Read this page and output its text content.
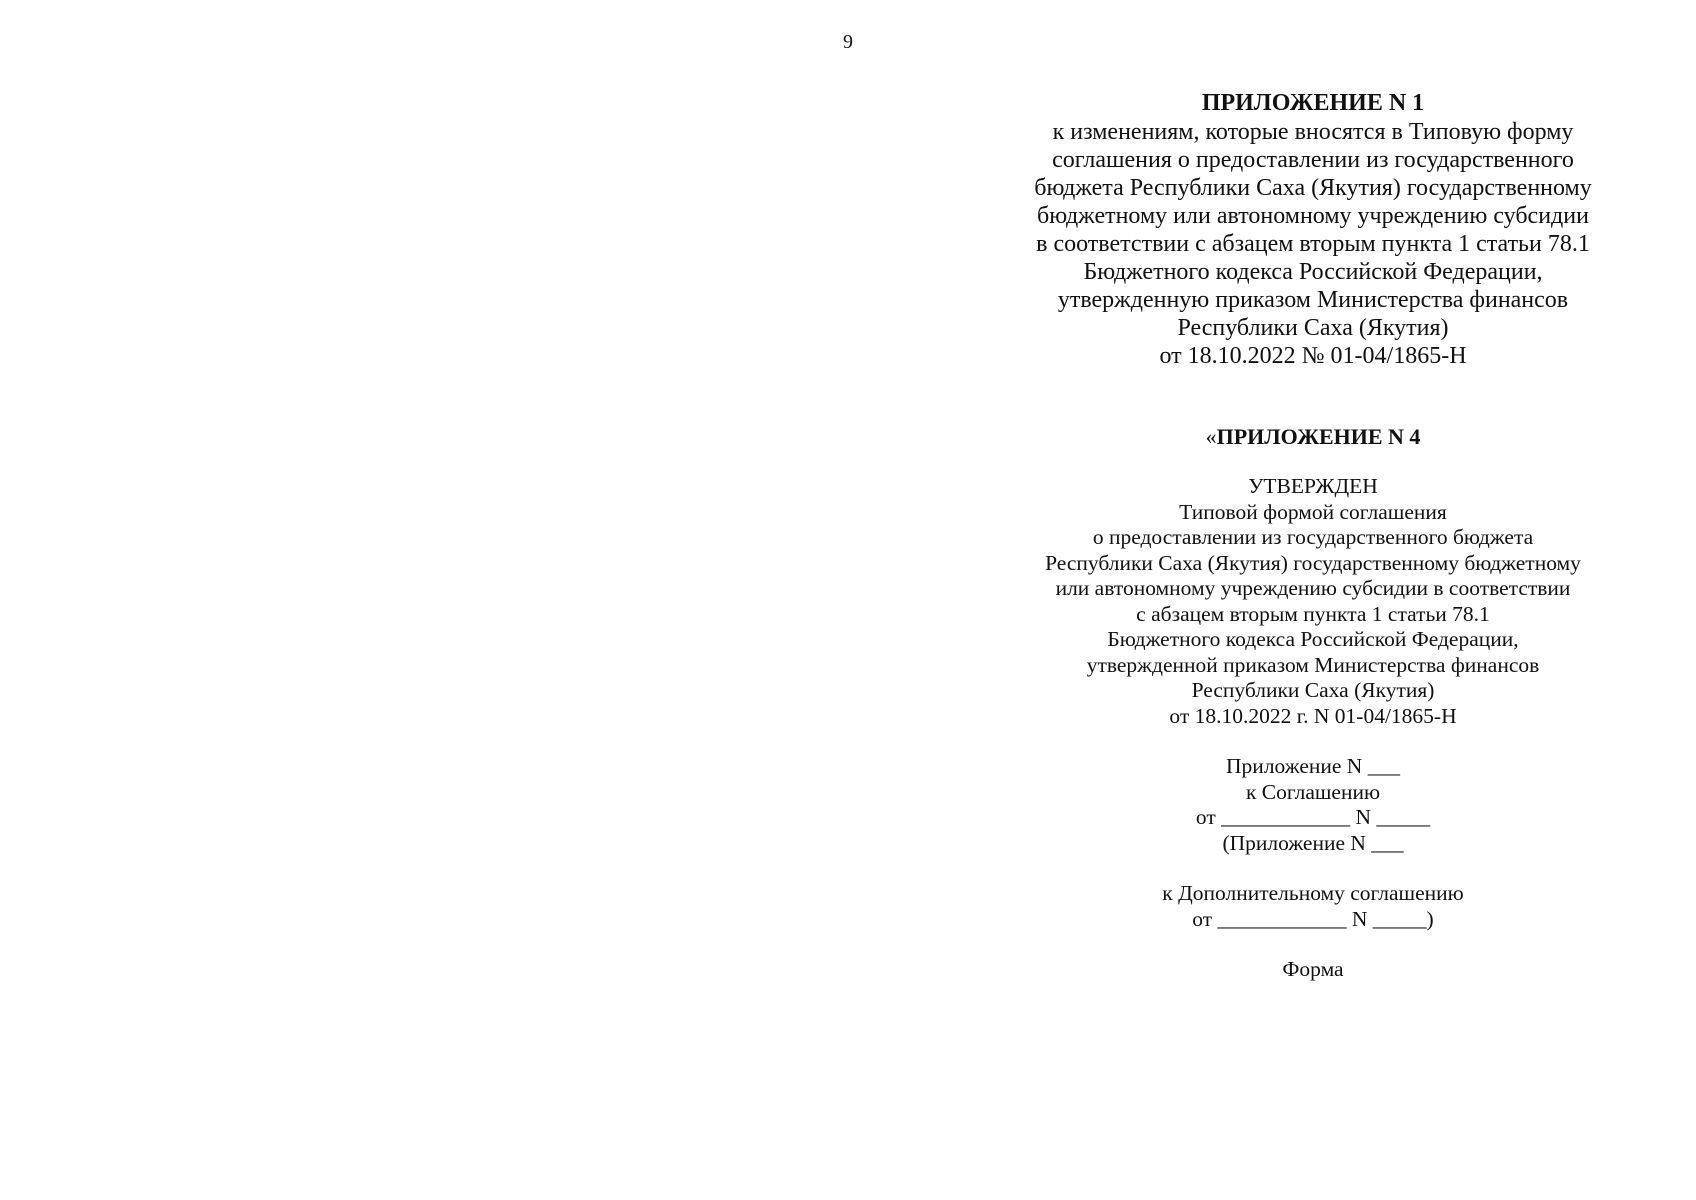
9
ПРИЛОЖЕНИЕ N 1
к изменениям, которые вносятся в Типовую форму
соглашения о предоставлении из государственного
бюджета Республики Саха (Якутия) государственному
бюджетному или автономному учреждению субсидии
в соответствии с абзацем вторым пункта 1 статьи 78.1
Бюджетного кодекса Российской Федерации,
утвержденную приказом Министерства финансов
Республики Саха (Якутия)
от 18.10.2022 № 01-04/1865-Н
«ПРИЛОЖЕНИЕ N 4
УТВЕРЖДЕН
Типовой формой соглашения
о предоставлении из государственного бюджета
Республики Саха (Якутия) государственному бюджетному
или автономному учреждению субсидии в соответствии
с абзацем вторым пункта 1 статьи 78.1
Бюджетного кодекса Российской Федерации,
утвержденной приказом Министерства финансов
Республики Саха (Якутия)
от 18.10.2022 г. N 01-04/1865-Н
Приложение N ___
к Соглашению
от ____________ N _____
(Приложение N ___
к Дополнительному соглашению
от ____________ N _____)
Форма
